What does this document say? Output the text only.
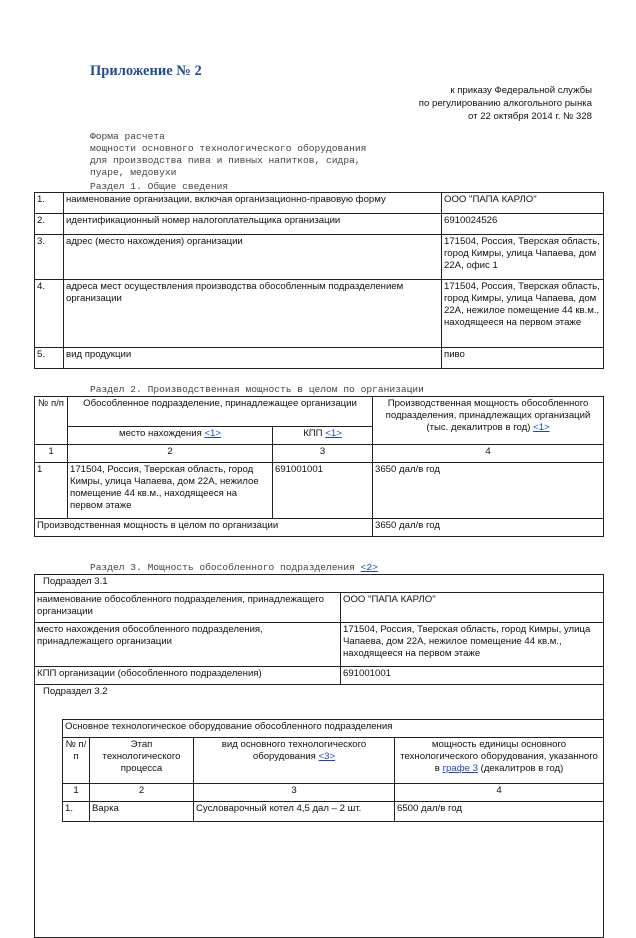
Приложение № 2
к приказу Федеральной службы
по регулированию алкогольного рынка
от 22 октября 2014 г. № 328
Форма расчета
мощности основного технологического оборудования
для производства пива и пивных напитков, сидра,
пуаре, медовухи
Раздел 1. Общие сведения
1.	наименование организации, включая организационно-правовую форму	ООО "ПАПА КАРЛО"
2.	идентификационный номер налогоплательщика организации	6910024526
3.	адрес (место нахождения) организации	171504, Россия, Тверская область, город Кимры, улица Чапаева, дом 22А, офис 1
4.	адреса мест осуществления производства обособленным подразделением организации	171504, Россия, Тверская область, город Кимры, улица Чапаева, дом 22А, нежилое помещение 44 кв.м., находящееся на первом этаже
5.	вид продукции	пиво
Раздел 2. Производственная мощность в целом по организации
№ п/п	Обособленное подразделение, принадлежащее организации		Производственная мощность обособленного подразделения, принадлежащих организаций (тыс. декалитров в год) <1>
	место нахождения <1>	КПП <1>	
1	2	3	4
1	171504, Россия, Тверская область, город Кимры, улица Чапаева, дом 22А, нежилое помещение 44 кв.м., находящееся на первом этаже	691001001	3650 дал/в год
Производственная мощность в целом по организации			3650 дал/в год
Раздел 3. Мощность обособленного подразделения <2>
Подраздел 3.1	
наименование обособленного подразделения, принадлежащего организации	ООО "ПАПА КАРЛО"
место нахождения обособленного подразделения, принадлежащего организации	171504, Россия, Тверская область, город Кимры, улица Чапаева, дом 22А, нежилое помещение 44 кв.м., находящееся на первом этаже
КПП организации (обособленного подразделения)	691001001
Подраздел 3.2	
Основное технологическое оборудование обособленного подразделения			
№ п/п	Этап технологического процесса	вид основного технологического оборудования <3>	мощность единицы основного технологического оборудования, указанного в графе 3 (декалитров в год)
1	2	3	4
1.	Варка	Сусловарочный котел 4,5 дал – 2 шт.	6500 дал/в год
